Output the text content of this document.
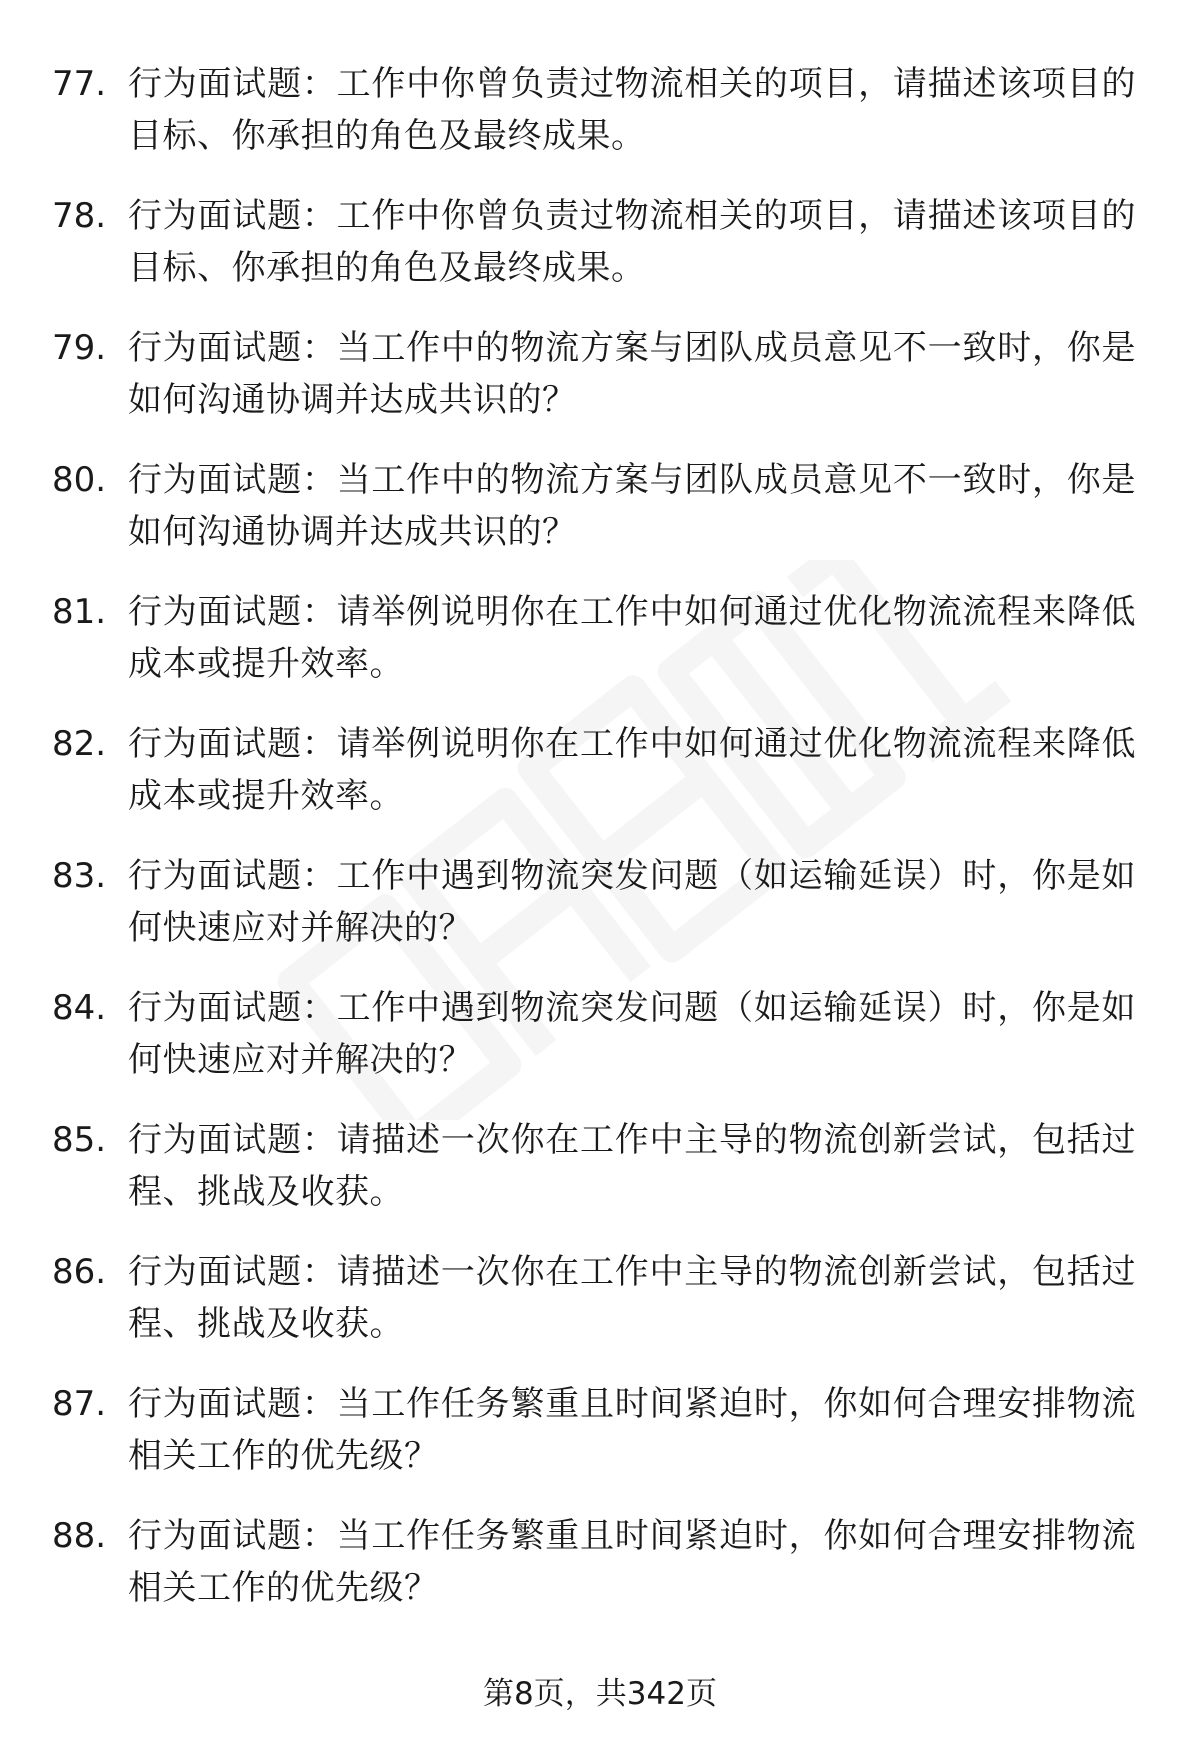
77. 行为面试题：工作中你曾负责过物流相关的项目，请描述该项目的目标、你承担的角色及最终成果。
78. 行为面试题：工作中你曾负责过物流相关的项目，请描述该项目的目标、你承担的角色及最终成果。
79. 行为面试题：当工作中的物流方案与团队成员意见不一致时，你是如何沟通协调并达成共识的？
80. 行为面试题：当工作中的物流方案与团队成员意见不一致时，你是如何沟通协调并达成共识的？
81. 行为面试题：请举例说明你在工作中如何通过优化物流流程来降低成本或提升效率。
82. 行为面试题：请举例说明你在工作中如何通过优化物流流程来降低成本或提升效率。
83. 行为面试题：工作中遇到物流突发问题（如运输延误）时，你是如何快速应对并解决的？
84. 行为面试题：工作中遇到物流突发问题（如运输延误）时，你是如何快速应对并解决的？
85. 行为面试题：请描述一次你在工作中主导的物流创新尝试，包括过程、挑战及收获。
86. 行为面试题：请描述一次你在工作中主导的物流创新尝试，包括过程、挑战及收获。
87. 行为面试题：当工作任务繁重且时间紧迫时，你如何合理安排物流相关工作的优先级？
88. 行为面试题：当工作任务繁重且时间紧迫时，你如何合理安排物流相关工作的优先级？
第8页，共342页
